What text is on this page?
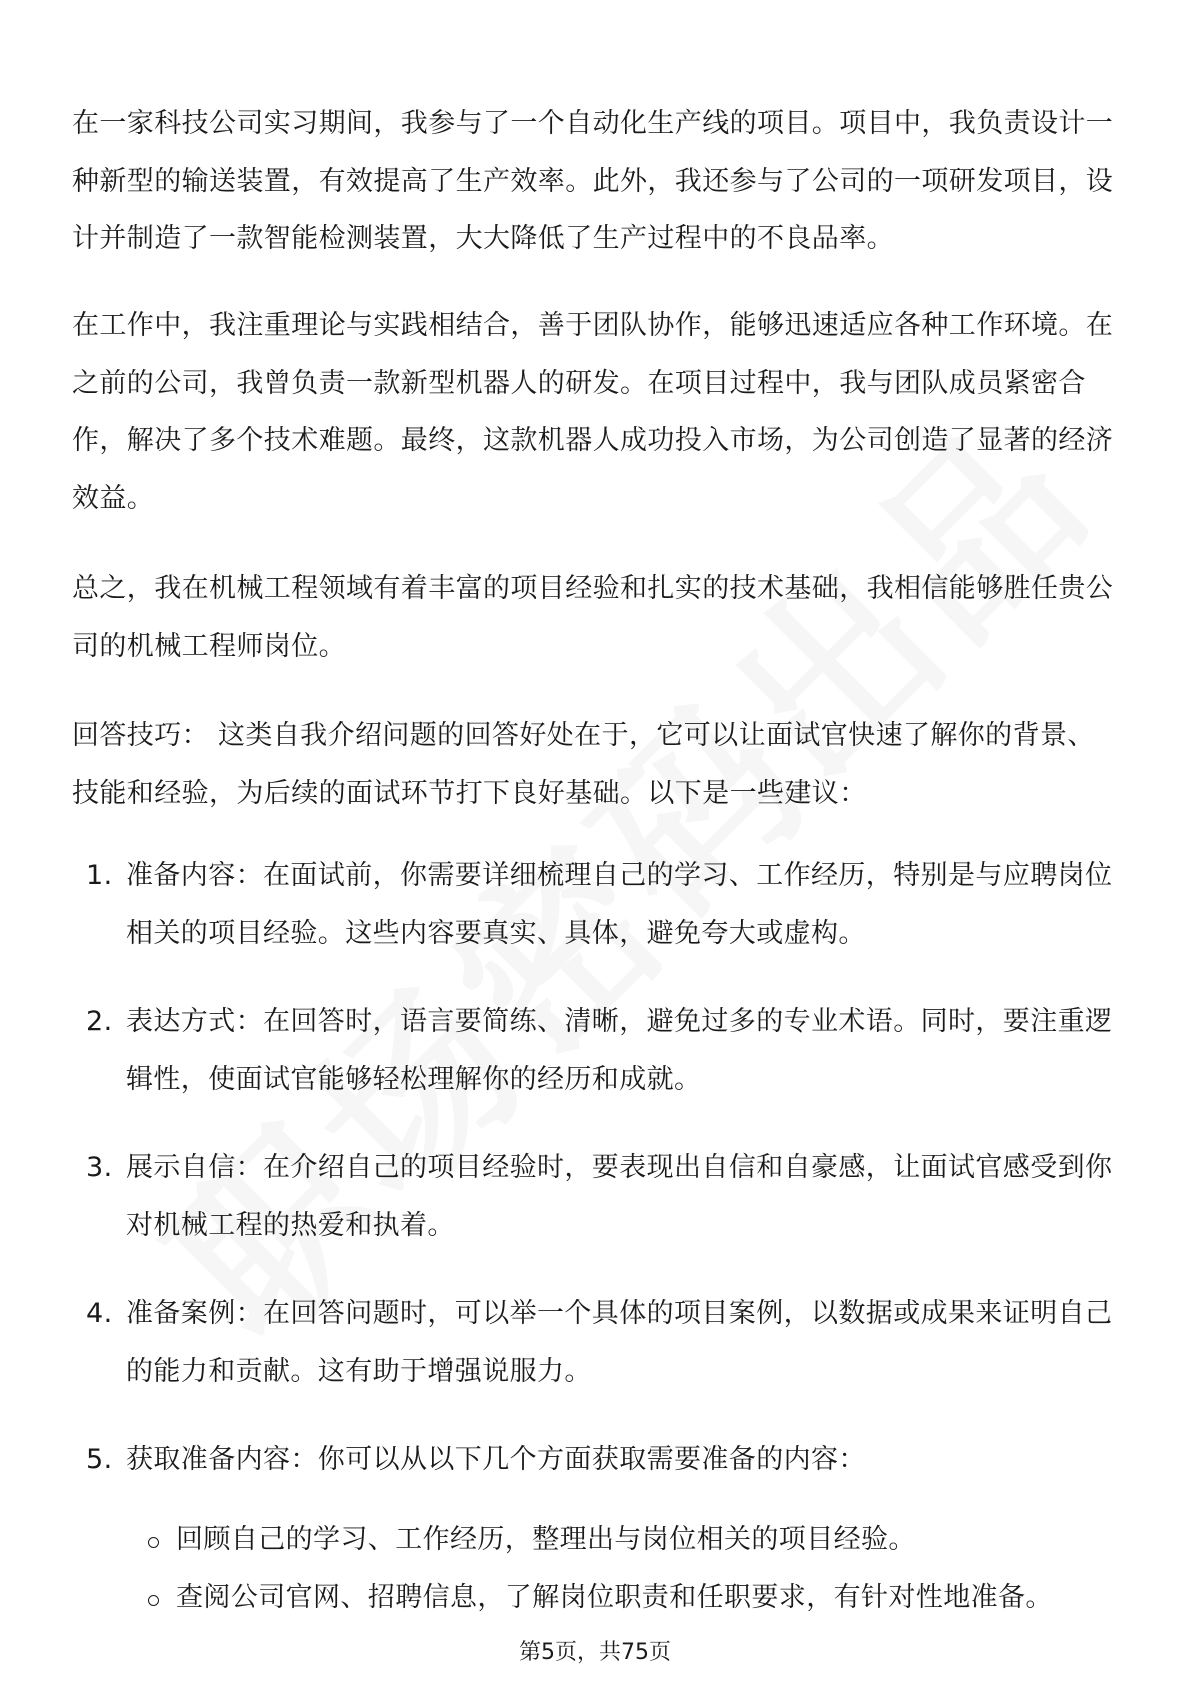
在一家科技公司实习期间，我参与了一个自动化生产线的项目。项目中，我负责设计一种新型的输送装置，有效提高了生产效率。此外，我还参与了公司的一项研发项目，设计并制造了一款智能检测装置，大大降低了生产过程中的不良品率。

在工作中，我注重理论与实践相结合，善于团队协作，能够迅速适应各种工作环境。在之前的公司，我曾负责一款新型机器人的研发。在项目过程中，我与团队成员紧密合作，解决了多个技术难题。最终，这款机器人成功投入市场，为公司创造了显著的经济效益。

总之，我在机械工程领域有着丰富的项目经验和扎实的技术基础，我相信能够胜任贵公司的机械工程师岗位。

回答技巧： 这类自我介绍问题的回答好处在于，它可以让面试官快速了解你的背景、技能和经验，为后续的面试环节打下良好基础。以下是一些建议：

1. 准备内容：在面试前，你需要详细梳理自己的学习、工作经历，特别是与应聘岗位相关的项目经验。这些内容要真实、具体，避免夸大或虚构。
2. 表达方式：在回答时，语言要简练、清晰，避免过多的专业术语。同时，要注重逻辑性，使面试官能够轻松理解你的经历和成就。
3. 展示自信：在介绍自己的项目经验时，要表现出自信和自豪感，让面试官感受到你对机械工程的热爱和执着。
4. 准备案例：在回答问题时，可以举一个具体的项目案例，以数据或成果来证明自己的能力和贡献。这有助于增强说服力。
5. 获取准备内容：你可以从以下几个方面获取需要准备的内容：
回顾自己的学习、工作经历，整理出与岗位相关的项目经验。
查阅公司官网、招聘信息，了解岗位职责和任职要求，有针对性地准备。
第5页，共75页
